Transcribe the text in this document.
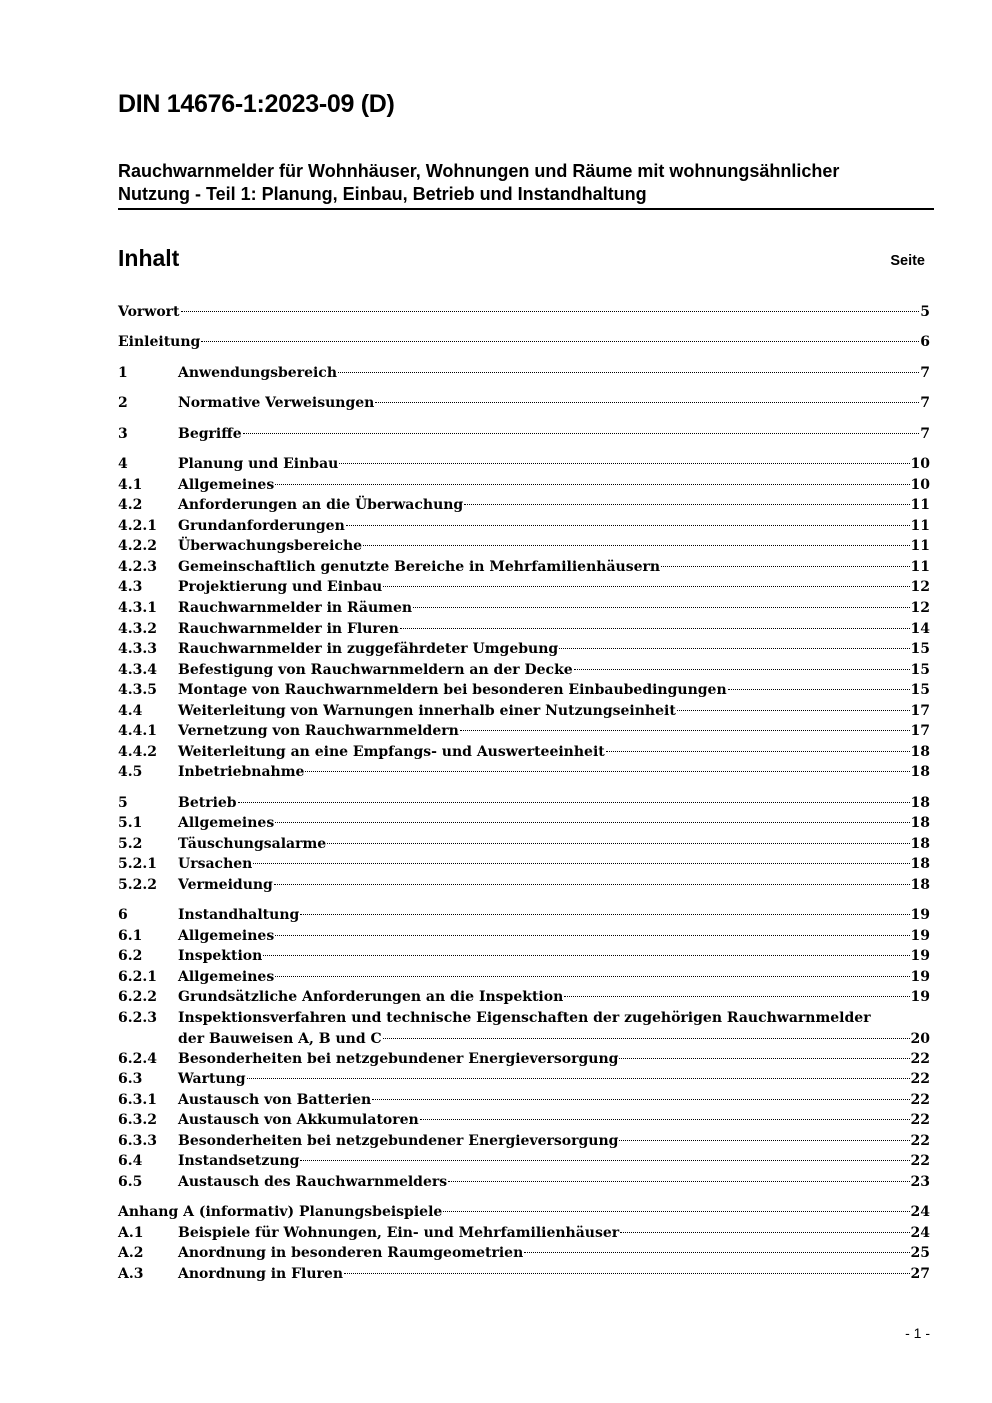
DIN 14676-1:2023-09 (D)
Rauchwarnmelder für Wohnhäuser, Wohnungen und Räume mit wohnungsähnlicher
Nutzung - Teil 1: Planung, Einbau, Betrieb und Instandhaltung
Inhalt	Seite
Vorwort	5
Einleitung	6
1	Anwendungsbereich	7
2	Normative Verweisungen	7
3	Begriffe	7
4	Planung und Einbau	10
4.1	Allgemeines	10
4.2	Anforderungen an die Überwachung	11
4.2.1 Grundanforderungen	11
4.2.2 Überwachungsbereiche	11
4.2.3 Gemeinschaftlich genutzte Bereiche in Mehrfamilienhäusern	11
4.3	Projektierung und Einbau	12
4.3.1 Rauchwarnmelder in Räumen	12
4.3.2 Rauchwarnmelder in Fluren	14
4.3.3 Rauchwarnmelder in zuggefährdeter Umgebung	15
4.3.4 Befestigung von Rauchwarnmeldern an der Decke	15
4.3.5 Montage von Rauchwarnmeldern bei besonderen Einbaubedingungen	15
4.4	Weiterleitung von Warnungen innerhalb einer Nutzungseinheit	17
4.4.1 Vernetzung von Rauchwarnmeldern	17
4.4.2 Weiterleitung an eine Empfangs- und Auswerteeinheit	18
4.5	Inbetriebnahme	18
5	Betrieb	18
5.1	Allgemeines	18
5.2	Täuschungsalarme	18
5.2.1 Ursachen	18
5.2.2 Vermeidung	18
6	Instandhaltung	19
6.1	Allgemeines	19
6.2	Inspektion	19
6.2.1 Allgemeines	19
6.2.2 Grundsätzliche Anforderungen an die Inspektion	19
6.2.3 Inspektionsverfahren und technische Eigenschaften der zugehörigen Rauchwarnmelder
der Bauweisen A, B und C	20
6.2.4 Besonderheiten bei netzgebundener Energieversorgung	22
6.3	Wartung	22
6.3.1 Austausch von Batterien	22
6.3.2 Austausch von Akkumulatoren	22
6.3.3 Besonderheiten bei netzgebundener Energieversorgung	22
6.4	Instandsetzung	22
6.5	Austausch des Rauchwarnmelders	23
Anhang A (informativ) Planungsbeispiele	24
A.1 Beispiele für Wohnungen, Ein- und Mehrfamilienhäuser	24
A.2 Anordnung in besonderen Raumgeometrien	25
A.3 Anordnung in Fluren	27
- 1 -
